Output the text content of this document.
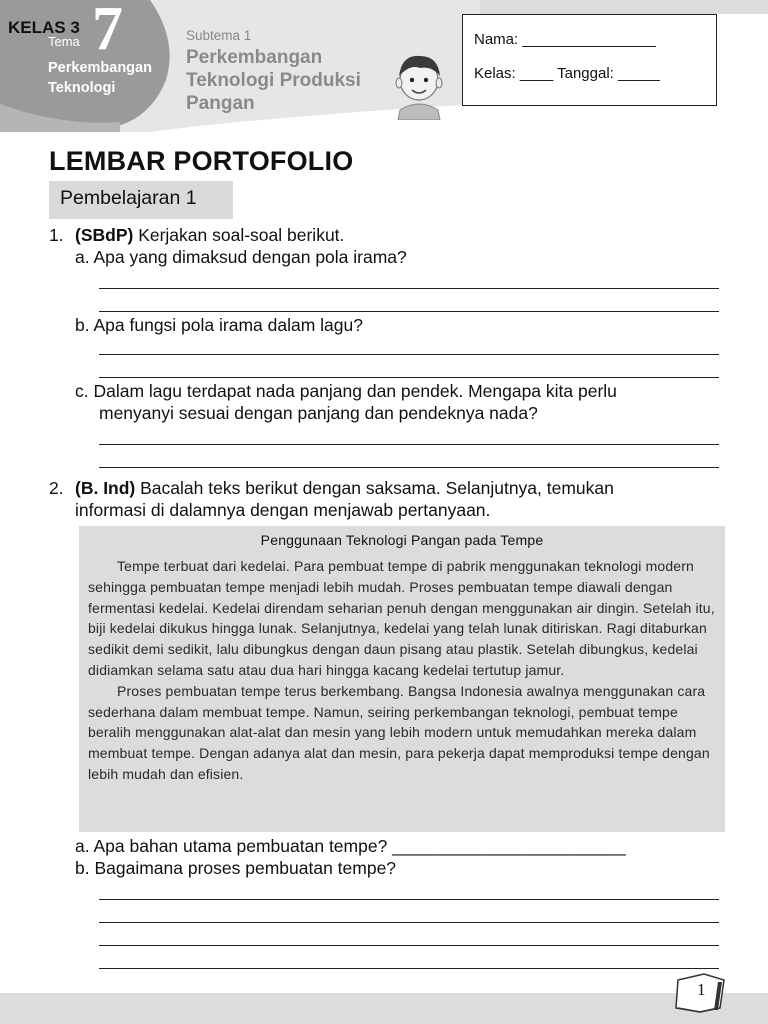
KELAS 3
Tema 7
Perkembangan Teknologi
Subtema 1
Perkembangan Teknologi Produksi Pangan
Nama: ________________
Kelas: ____ Tanggal: _____
LEMBAR PORTOFOLIO
Pembelajaran 1
1. (SBdP) Kerjakan soal-soal berikut.
a. Apa yang dimaksud dengan pola irama?
b. Apa fungsi pola irama dalam lagu?
c. Dalam lagu terdapat nada panjang dan pendek. Mengapa kita perlu
menyanyi sesuai dengan panjang dan pendeknya nada?
2. (B. Ind) Bacalah teks berikut dengan saksama. Selanjutnya, temukan
informasi di dalamnya dengan menjawab pertanyaan.
Penggunaan Teknologi Pangan pada Tempe

Tempe terbuat dari kedelai. Para pembuat tempe di pabrik menggunakan teknologi modern sehingga pembuatan tempe menjadi lebih mudah. Proses pembuatan tempe diawali dengan fermentasi kedelai. Kedelai direndam seharian penuh dengan menggunakan air dingin. Setelah itu, biji kedelai dikukus hingga lunak. Selanjutnya, kedelai yang telah lunak ditiriskan. Ragi ditaburkan sedikit demi sedikit, lalu dibungkus dengan daun pisang atau plastik. Setelah dibungkus, kedelai didiamkan selama satu atau dua hari hingga kacang kedelai tertutup jamur.

Proses pembuatan tempe terus berkembang. Bangsa Indonesia awalnya menggunakan cara sederhana dalam membuat tempe. Namun, seiring perkembangan teknologi, pembuat tempe beralih menggunakan alat-alat dan mesin yang lebih modern untuk memudahkan mereka dalam membuat tempe. Dengan adanya alat dan mesin, para pekerja dapat memproduksi tempe dengan lebih mudah dan efisien.

a. Apa bahan utama pembuatan tempe? ________________________
b. Bagaimana proses pembuatan tempe?
1
